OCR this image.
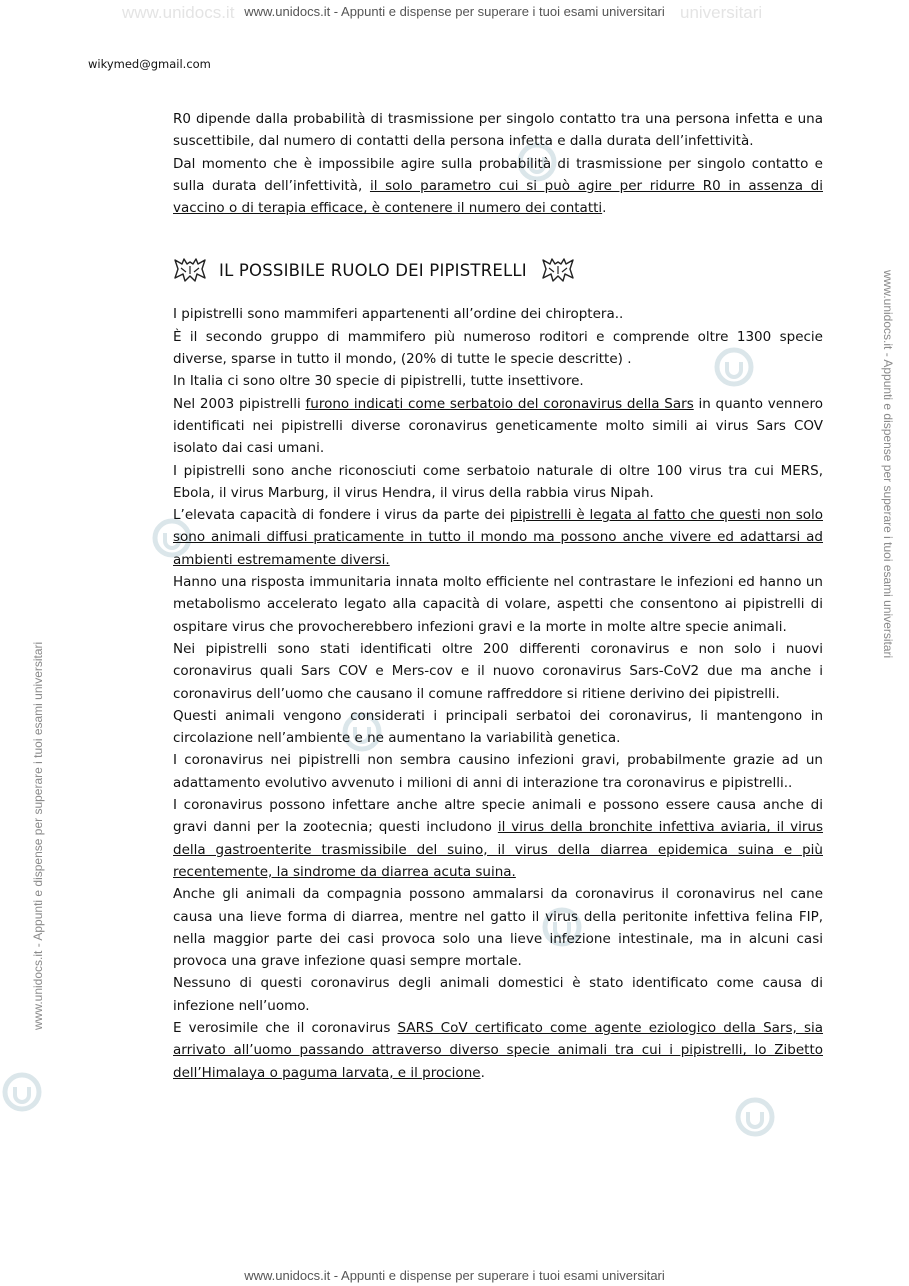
www.unidocs.it - Appunti e dispense per superare i tuoi esami universitari
www.unidocs.it	universitari
www.unidocs.it - Appunti e dispense per superare i tuoi esami universitari
www.unidocs.it - Appunti e dispense per superare i tuoi esami universitari
www.unidocs.it - Appunti e dispense per superare i tuoi esami universitari
wikymed@gmail.com

R0 dipende dalla probabilità di trasmissione per singolo contatto tra una persona infetta e una suscettibile, dal numero di contatti della persona infetta e dalla durata dell’infettività.

Dal momento che è impossibile agire sulla probabilità di trasmissione per singolo contatto e sulla durata dell’infettività, il solo parametro cui si può agire per ridurre R0 in assenza di vaccino o di terapia efficace, è contenere il numero dei contatti.

IL POSSIBILE RUOLO DEI PIPISTRELLI

I pipistrelli sono mammiferi appartenenti all’ordine dei chiroptera..

È il secondo gruppo di mammifero più numeroso roditori e comprende oltre 1300 specie diverse, sparse in tutto il mondo, (20% di tutte le specie descritte) .

In Italia ci sono oltre 30 specie di pipistrelli, tutte insettivore.

Nel 2003 pipistrelli furono indicati come serbatoio del coronavirus della Sars in quanto vennero identificati nei pipistrelli diverse coronavirus geneticamente molto simili ai virus Sars COV isolato dai casi umani.

I pipistrelli sono anche riconosciuti come serbatoio naturale di oltre 100 virus tra cui MERS, Ebola, il virus Marburg, il virus Hendra, il virus della rabbia virus Nipah.

L’elevata capacità di fondere i virus da parte dei pipistrelli è legata al fatto che questi non solo sono animali diffusi praticamente in tutto il mondo ma possono anche vivere ed adattarsi ad ambienti estremamente diversi.

Hanno una risposta immunitaria innata molto efficiente nel contrastare le infezioni ed hanno un metabolismo accelerato legato alla capacità di volare, aspetti che consentono ai pipistrelli di ospitare virus che provocherebbero infezioni gravi e la morte in molte altre specie animali.

Nei pipistrelli sono stati identificati oltre 200 differenti coronavirus e non solo i nuovi coronavirus quali Sars COV e Mers-cov e il nuovo coronavirus Sars-CoV2 due ma anche i coronavirus dell’uomo che causano il comune raffreddore si ritiene derivino dei pipistrelli.

Questi animali vengono considerati i principali serbatoi dei coronavirus, li mantengono in circolazione nell’ambiente e ne aumentano la variabilità genetica.

I coronavirus nei pipistrelli non sembra causino infezioni gravi, probabilmente grazie ad un adattamento evolutivo avvenuto i milioni di anni di interazione tra coronavirus e pipistrelli..

I coronavirus possono infettare anche altre specie animali e possono essere causa anche di gravi danni per la zootecnia; questi includono il virus della bronchite infettiva aviaria, il virus della gastroenterite trasmissibile del suino, il virus della diarrea epidemica suina e più recentemente, la sindrome da diarrea acuta suina.

Anche gli animali da compagnia possono ammalarsi da coronavirus il coronavirus nel cane causa una lieve forma di diarrea, mentre nel gatto il virus della peritonite infettiva felina FIP, nella maggior parte dei casi provoca solo una lieve infezione intestinale, ma in alcuni casi provoca una grave infezione quasi sempre mortale.

Nessuno di questi coronavirus degli animali domestici è stato identificato come causa di infezione nell’uomo.

E verosimile che il coronavirus SARS CoV certificato come agente eziologico della Sars, sia arrivato all’uomo passando attraverso diverso specie animali tra cui i pipistrelli, lo Zibetto dell’Himalaya o paguma larvata, e il procione.
